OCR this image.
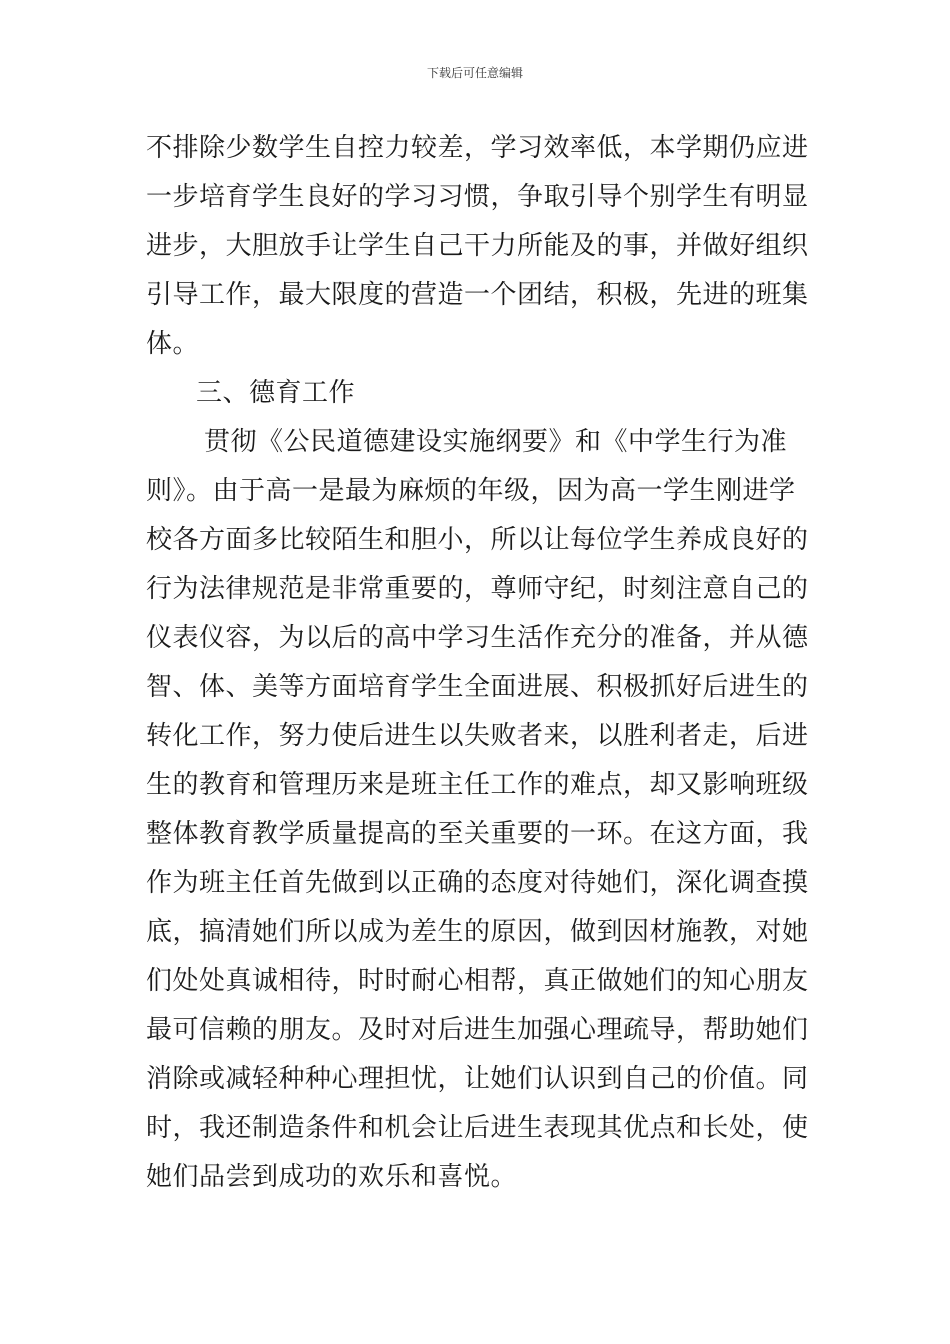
下载后可任意编辑
不排除少数学生自控力较差，学习效率低，本学期仍应进
一步培育学生良好的学习习惯，争取引导个别学生有明显
进步，大胆放手让学生自己干力所能及的事，并做好组织
引导工作，最大限度的营造一个团结，积极，先进的班集
体。
三、德育工作
贯彻《公民道德建设实施纲要》和《中学生行为准
则》。由于高一是最为麻烦的年级，因为高一学生刚进学
校各方面多比较陌生和胆小，所以让每位学生养成良好的
行为法律规范是非常重要的，尊师守纪，时刻注意自己的
仪表仪容，为以后的高中学习生活作充分的准备，并从德
智、体、美等方面培育学生全面进展、积极抓好后进生的
转化工作，努力使后进生以失败者来，以胜利者走，后进
生的教育和管理历来是班主任工作的难点，却又影响班级
整体教育教学质量提高的至关重要的一环。在这方面，我
作为班主任首先做到以正确的态度对待她们，深化调查摸
底，搞清她们所以成为差生的原因，做到因材施教，对她
们处处真诚相待，时时耐心相帮，真正做她们的知心朋友
最可信赖的朋友。及时对后进生加强心理疏导，帮助她们
消除或减轻种种心理担忧，让她们认识到自己的价值。同
时，我还制造条件和机会让后进生表现其优点和长处，使
她们品尝到成功的欢乐和喜悦。
